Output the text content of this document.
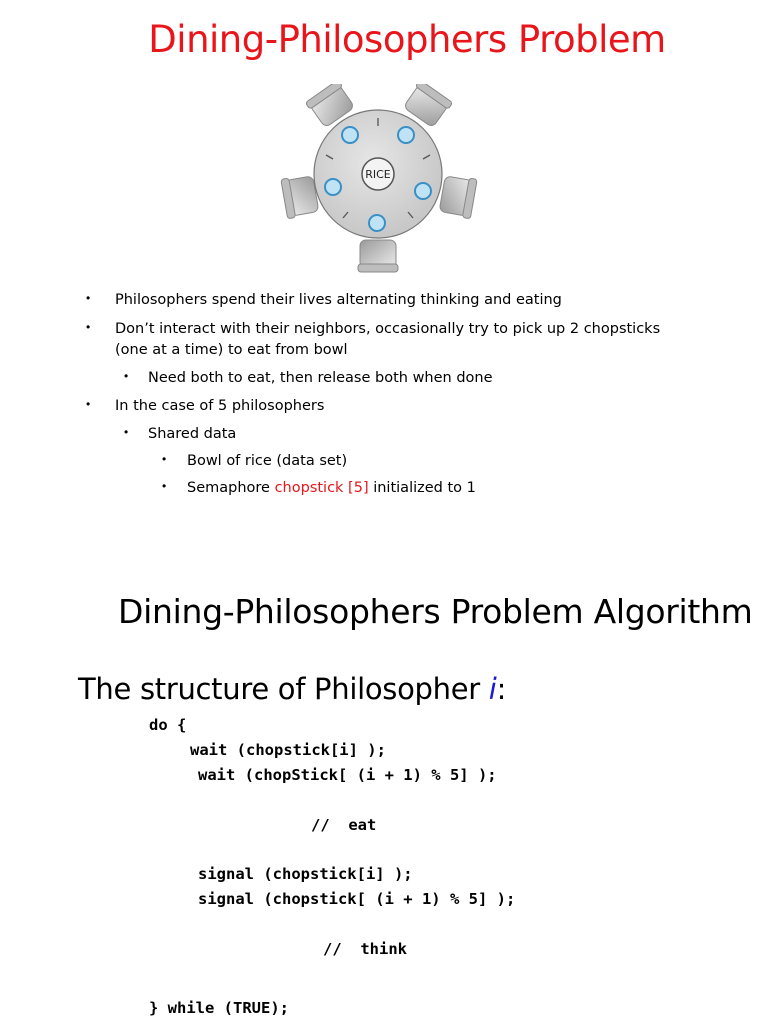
Dining-Philosophers Problem
RICE
• Philosophers spend their lives alternating thinking and eating
• Don’t interact with their neighbors, occasionally try to pick up 2 chopsticks
(one at a time) to eat from bowl
• Need both to eat, then release both when done
• In the case of 5 philosophers
• Shared data
• Bowl of rice (data set)
• Semaphore chopstick [5] initialized to 1
Dining-Philosophers Problem Algorithm
The structure of Philosopher i:
do {
wait (chopstick[i] );
wait (chopStick[ (i + 1) % 5] );
//  eat
signal (chopstick[i] );
signal (chopstick[ (i + 1) % 5] );
//  think
} while (TRUE);
